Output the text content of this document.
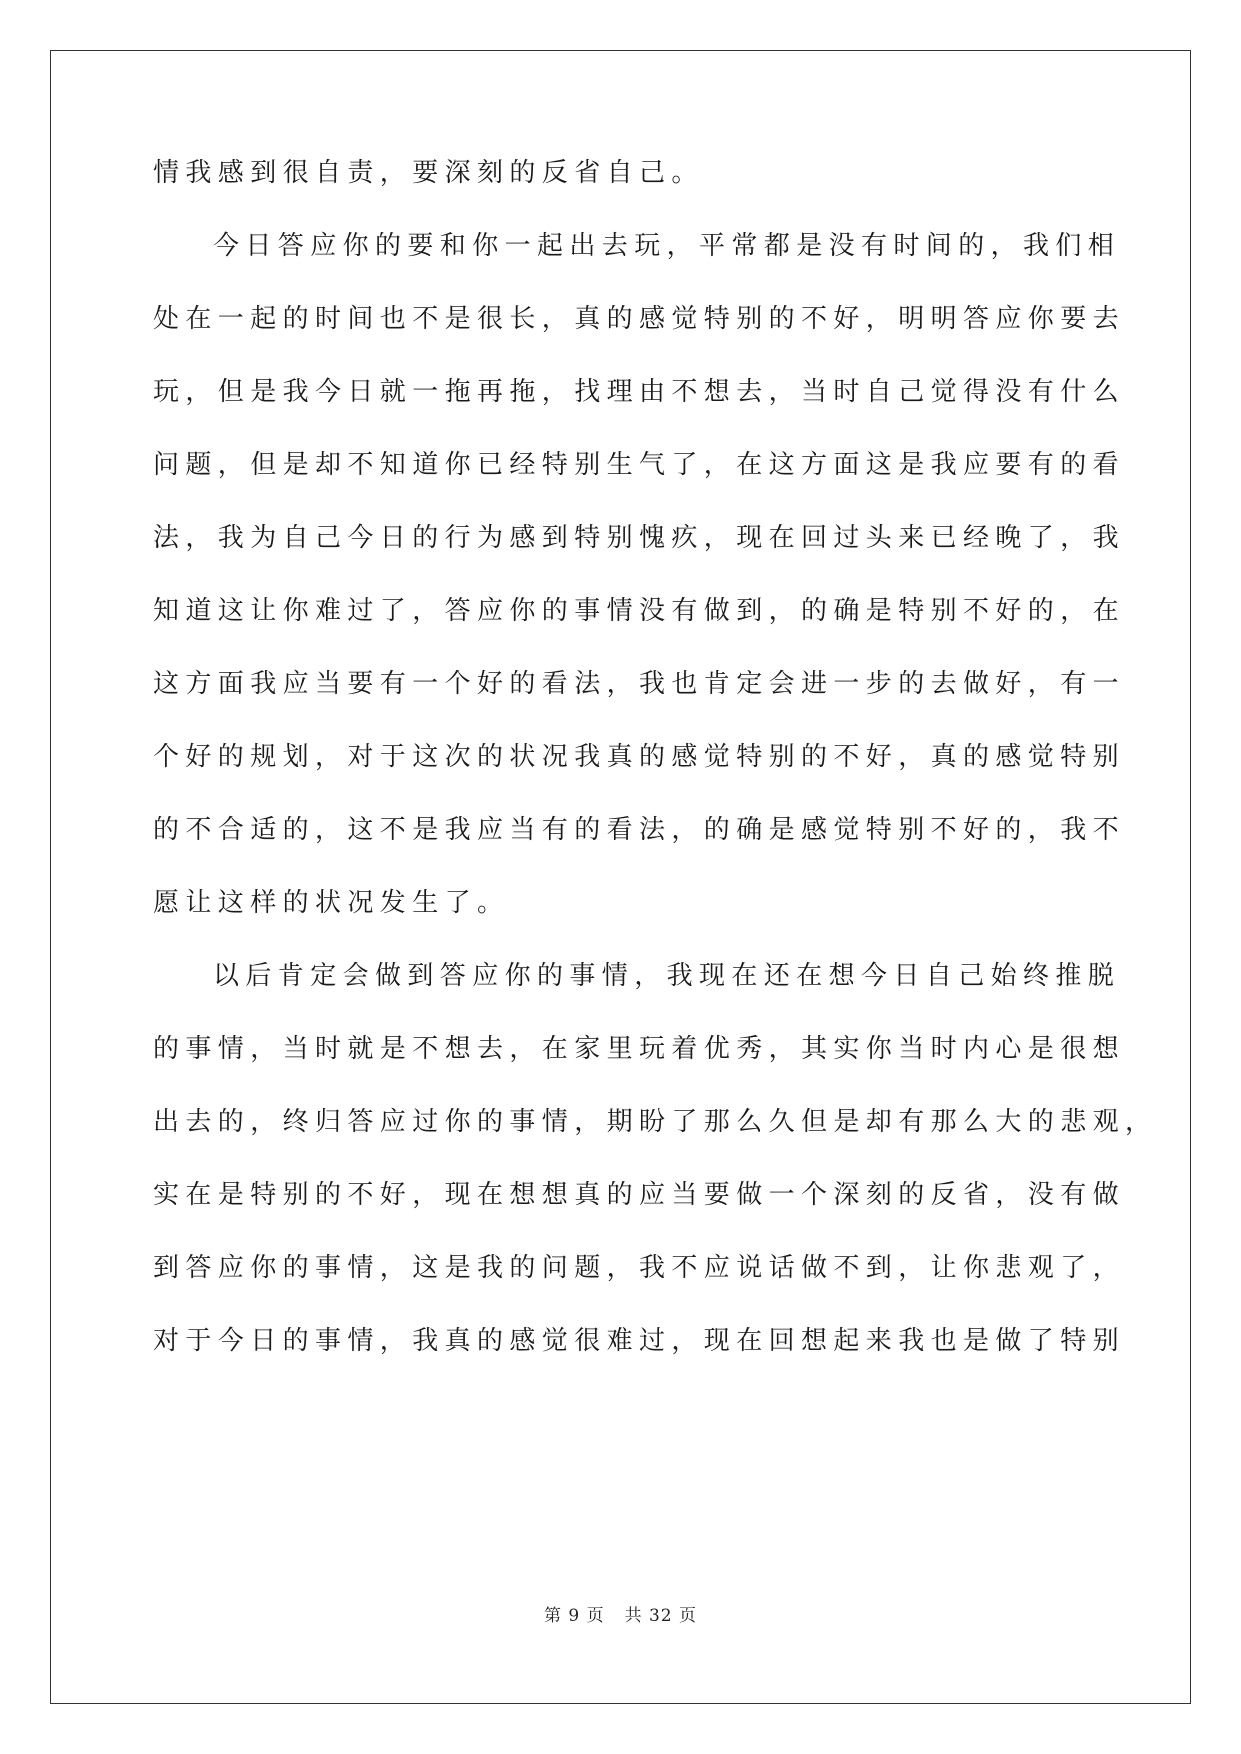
情我感到很自责，要深刻的反省自己。
今日答应你的要和你一起出去玩，平常都是没有时间的，我们相
处在一起的时间也不是很长，真的感觉特别的不好，明明答应你要去
玩，但是我今日就一拖再拖，找理由不想去，当时自己觉得没有什么
问题，但是却不知道你已经特别生气了，在这方面这是我应要有的看
法，我为自己今日的行为感到特别愧疚，现在回过头来已经晚了，我
知道这让你难过了，答应你的事情没有做到，的确是特别不好的，在
这方面我应当要有一个好的看法，我也肯定会进一步的去做好，有一
个好的规划，对于这次的状况我真的感觉特别的不好，真的感觉特别
的不合适的，这不是我应当有的看法，的确是感觉特别不好的，我不
愿让这样的状况发生了。
以后肯定会做到答应你的事情，我现在还在想今日自己始终推脱
的事情，当时就是不想去，在家里玩着优秀，其实你当时内心是很想
出去的，终归答应过你的事情，期盼了那么久但是却有那么大的悲观，
实在是特别的不好，现在想想真的应当要做一个深刻的反省，没有做
到答应你的事情，这是我的问题，我不应说话做不到，让你悲观了，
对于今日的事情，我真的感觉很难过，现在回想起来我也是做了特别
第 9 页 共 32 页
